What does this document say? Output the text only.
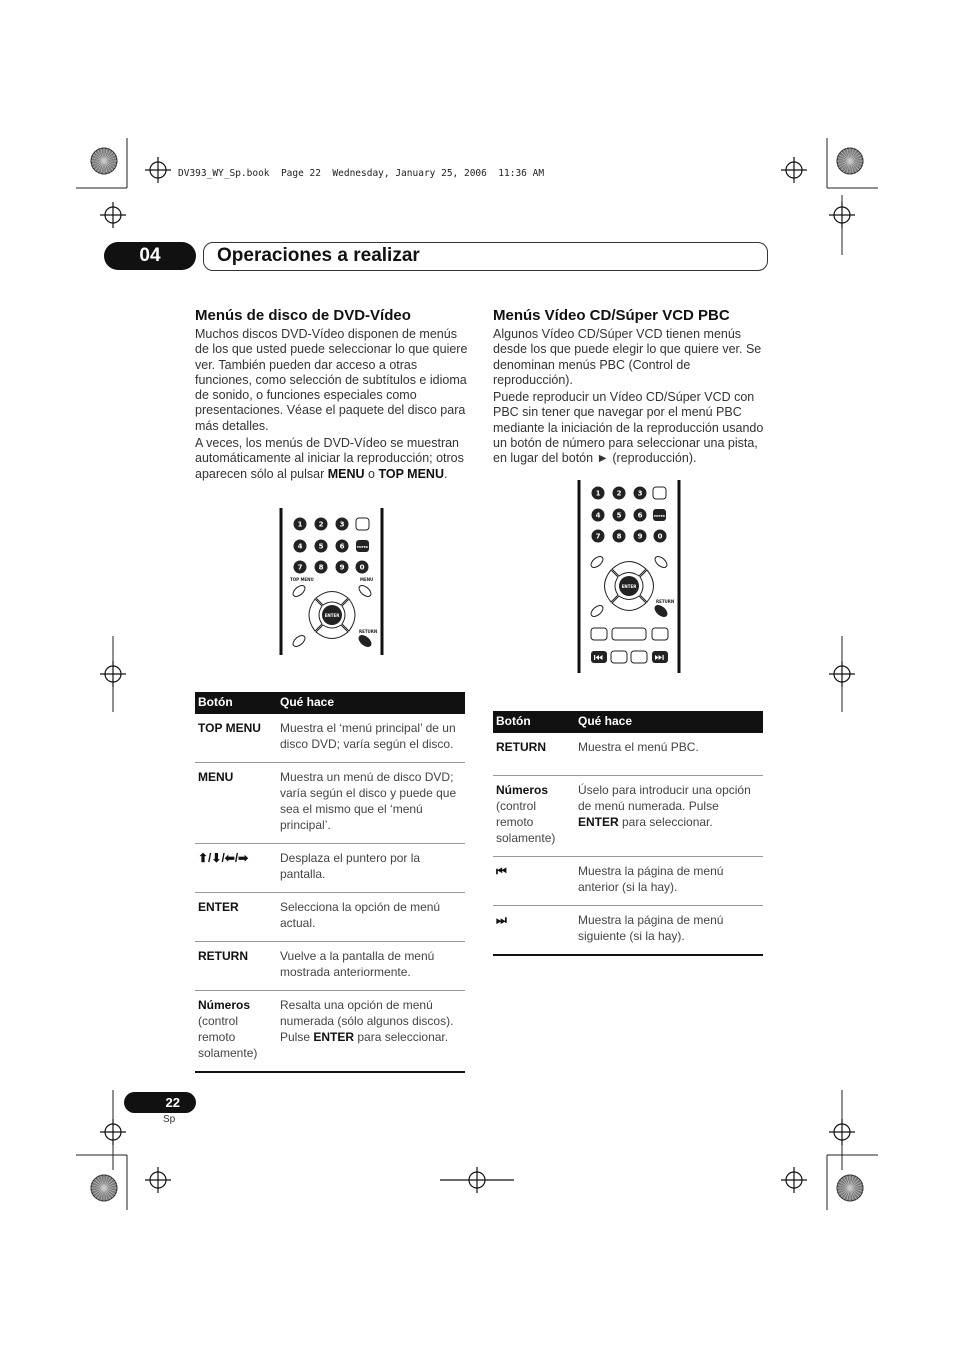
DV393_WY_Sp.book  Page 22  Wednesday, January 25, 2006  11:36 AM
04	Operaciones a realizar
Menús de disco de DVD-Vídeo

Muchos discos DVD-Vídeo disponen de menús de los que usted puede seleccionar lo que quiere ver. También pueden dar acceso a otras funciones, como selección de subtítulos e idioma de sonido, o funciones especiales como presentaciones. Véase el paquete del disco para más detalles.

A veces, los menús de DVD-Vídeo se muestran automáticamente al iniciar la reproducción; otros aparecen sólo al pulsar MENU o TOP MENU.

1 2 3
4 5 6	ENTER
7 8 9 0
TOP MENU	MENU
RETURN
ENTER
Botón	Qué hace
TOP MENU	Muestra el ‘menú principal’ de un disco DVD; varía según el disco.
MENU	Muestra un menú de disco DVD; varía según el disco y puede que sea el mismo que el ‘menú principal’.
⬆/⬇/⬅/➡	Desplaza el puntero por la pantalla.
ENTER	Selecciona la opción de menú actual.
RETURN	Vuelve a la pantalla de menú mostrada anteriormente.
Números
(control remoto solamente)	Resalta una opción de menú numerada (sólo algunos discos). Pulse ENTER para seleccionar.
Menús Vídeo CD/Súper VCD PBC

Algunos Vídeo CD/Súper VCD tienen menús desde los que puede elegir lo que quiere ver. Se denominan menús PBC (Control de reproducción).

Puede reproducir un Vídeo CD/Súper VCD con PBC sin tener que navegar por el menú PBC mediante la iniciación de la reproducción usando un botón de número para seleccionar una pista, en lugar del botón ► (reproducción).

1 2 3
4 5 6	ENTER
7 8 9 0
ENTER
RETURN
Botón	Qué hace
RETURN	Muestra el menú PBC.
Números
(control remoto solamente)	Úselo para introducir una opción de menú numerada. Pulse ENTER para seleccionar.
⏮	Muestra la página de menú anterior (si la hay).
⏭	Muestra la página de menú siguiente (si la hay).
22
Sp
